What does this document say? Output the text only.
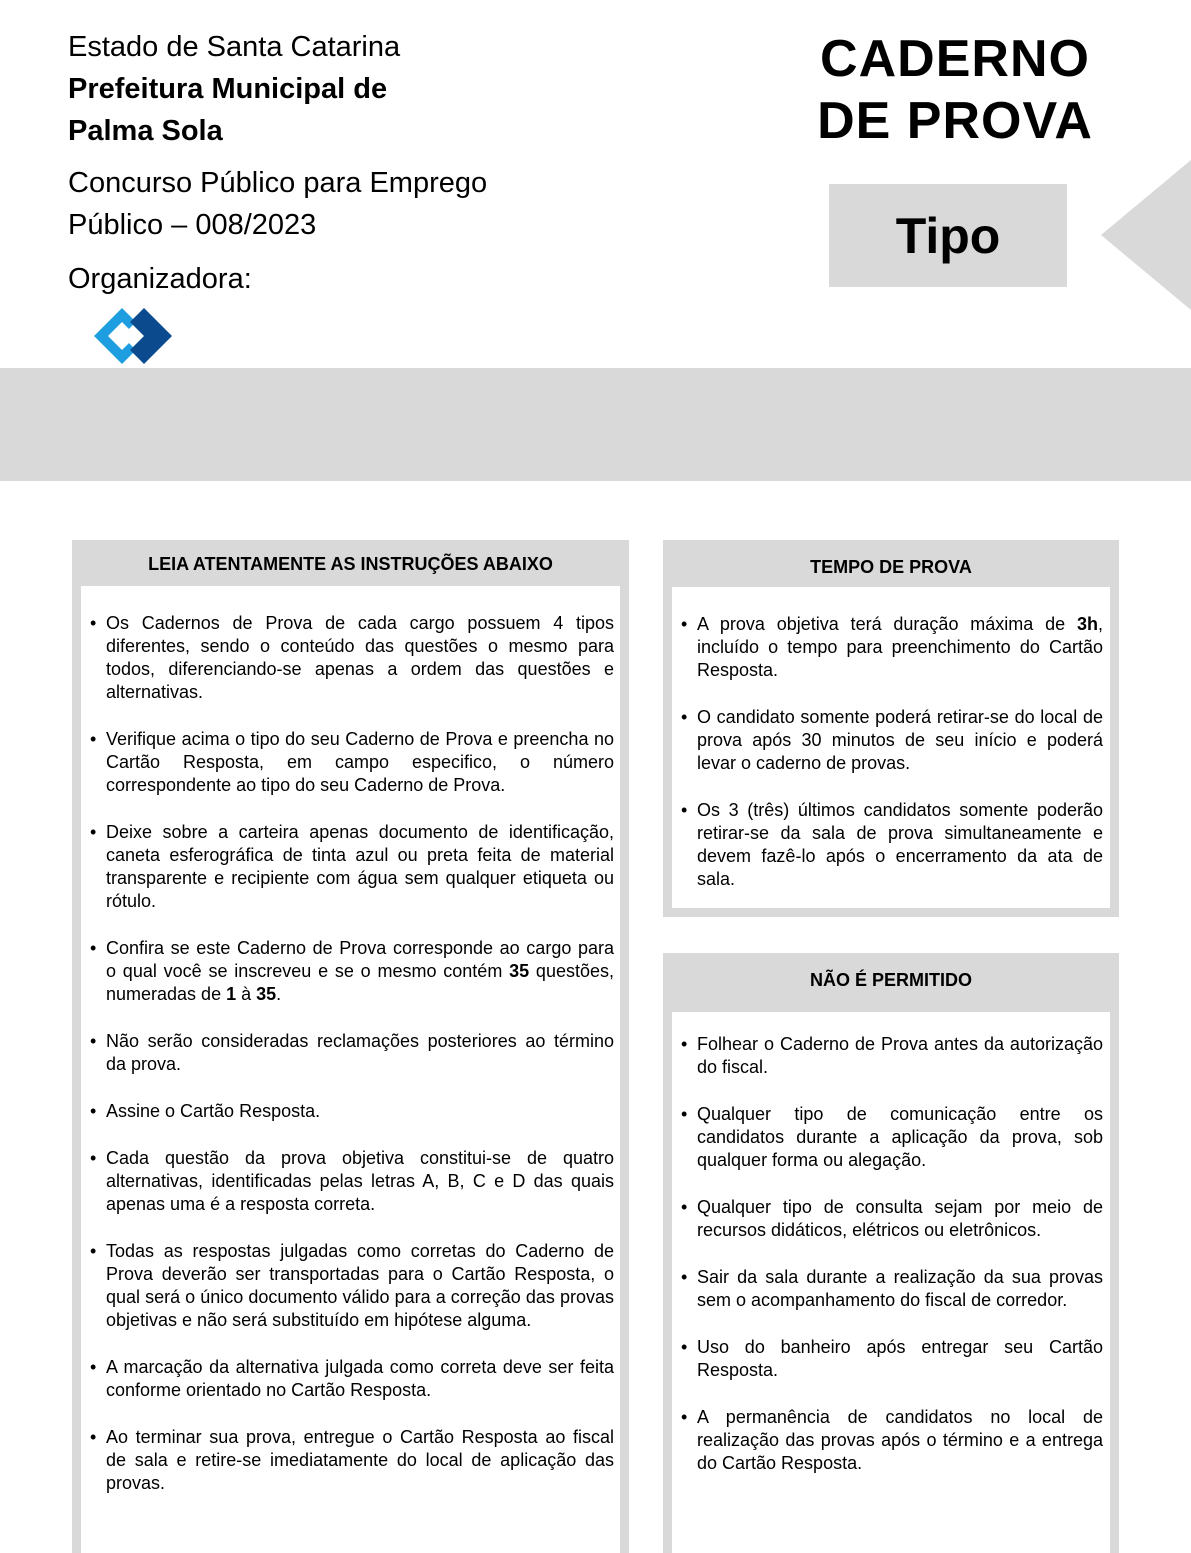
Estado de Santa Catarina
Prefeitura Municipal de
Palma Sola
Concurso Público para Emprego
Público – 008/2023
Organizadora:
CADERNO
DE PROVA
Tipo
LEIA ATENTAMENTE AS INSTRUÇÕES ABAIXO
• Os Cadernos de Prova de cada cargo possuem 4 tipos diferentes, sendo o conteúdo das questões o mesmo para todos, diferenciando-se apenas a ordem das questões e alternativas.
• Verifique acima o tipo do seu Caderno de Prova e preencha no Cartão Resposta, em campo especifico, o número correspondente ao tipo do seu Caderno de Prova.
• Deixe sobre a carteira apenas documento de identificação, caneta esferográfica de tinta azul ou preta feita de material transparente e recipiente com água sem qualquer etiqueta ou rótulo.
• Confira se este Caderno de Prova corresponde ao cargo para o qual você se inscreveu e se o mesmo contém 35 questões, numeradas de 1 à 35.
• Não serão consideradas reclamações posteriores ao término da prova.
• Assine o Cartão Resposta.
• Cada questão da prova objetiva constitui-se de quatro alternativas, identificadas pelas letras A, B, C e D das quais apenas uma é a resposta correta.
• Todas as respostas julgadas como corretas do Caderno de Prova deverão ser transportadas para o Cartão Resposta, o qual será o único documento válido para a correção das provas objetivas e não será substituído em hipótese alguma.
• A marcação da alternativa julgada como correta deve ser feita conforme orientado no Cartão Resposta.
• Ao terminar sua prova, entregue o Cartão Resposta ao fiscal de sala e retire-se imediatamente do local de aplicação das provas.
TEMPO DE PROVA
• A prova objetiva terá duração máxima de 3h, incluído o tempo para preenchimento do Cartão Resposta.
• O candidato somente poderá retirar-se do local de prova após 30 minutos de seu início e poderá levar o caderno de provas.
• Os 3 (três) últimos candidatos somente poderão retirar-se da sala de prova simultaneamente e devem fazê-lo após o encerramento da ata de sala.
NÃO É PERMITIDO
• Folhear o Caderno de Prova antes da autorização do fiscal.
• Qualquer tipo de comunicação entre os candidatos durante a aplicação da prova, sob qualquer forma ou alegação.
• Qualquer tipo de consulta sejam por meio de recursos didáticos, elétricos ou eletrônicos.
• Sair da sala durante a realização da sua provas sem o acompanhamento do fiscal de corredor.
• Uso do banheiro após entregar seu Cartão Resposta.
• A permanência de candidatos no local de realização das provas após o término e a entrega do Cartão Resposta.
